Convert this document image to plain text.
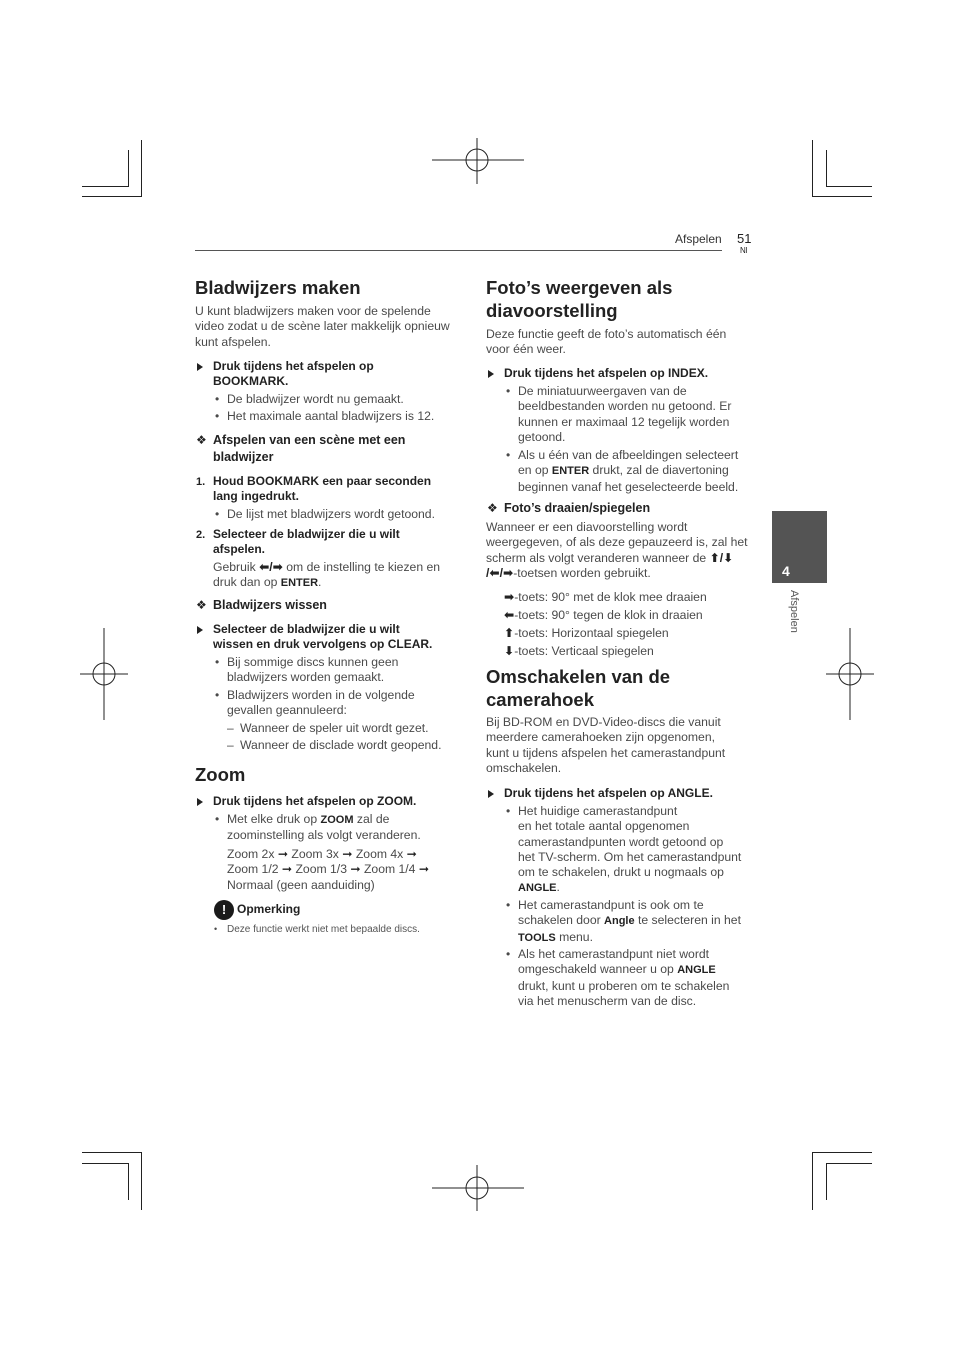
Afspelen 51
Nl
4
Afspelen
Bladwijzers maken
U kunt bladwijzers maken voor de spelende
video zodat u de scène later makkelijk opnieuw
kunt afspelen.
Druk tijdens het afspelen op
BOOKMARK.
• De bladwijzer wordt nu gemaakt.
• Het maximale aantal bladwijzers is 12.
❖ Afspelen van een scène met een
bladwijzer
1. Houd BOOKMARK een paar seconden
lang ingedrukt.
• De lijst met bladwijzers wordt getoond.
2. Selecteer de bladwijzer die u wilt
afspelen.
Gebruik ⬅/➡ om de instelling te kiezen en
druk dan op ENTER.
❖ Bladwijzers wissen
Selecteer de bladwijzer die u wilt
wissen en druk vervolgens op CLEAR.
• Bij sommige discs kunnen geen
bladwijzers worden gemaakt.
• Bladwijzers worden in de volgende
gevallen geannuleerd:
– Wanneer de speler uit wordt gezet.
– Wanneer de disclade wordt geopend.
Zoom
Druk tijdens het afspelen op ZOOM.
• Met elke druk op ZOOM zal de
zoominstelling als volgt veranderen.
Zoom 2x ➞ Zoom 3x ➞ Zoom 4x ➞
Zoom 1/2 ➞ Zoom 1/3 ➞ Zoom 1/4 ➞
Normaal (geen aanduiding)
! Opmerking
• Deze functie werkt niet met bepaalde discs.
Foto’s weergeven als
diavoorstelling
Deze functie geeft de foto’s automatisch één
voor één weer.
Druk tijdens het afspelen op INDEX.
• De miniatuurweergaven van de
beeldbestanden worden nu getoond. Er
kunnen er maximaal 12 tegelijk worden
getoond.
• Als u één van de afbeeldingen selecteert
en op ENTER drukt, zal de diavertoning
beginnen vanaf het geselecteerde beeld.
❖ Foto’s draaien/spiegelen
Wanneer er een diavoorstelling wordt
weergegeven, of als deze gepauzeerd is, zal het
scherm als volgt veranderen wanneer de ⬆/⬇
/⬅/➡-toetsen worden gebruikt.
➡-toets: 90° met de klok mee draaien
⬅-toets: 90° tegen de klok in draaien
⬆-toets: Horizontaal spiegelen
⬇-toets: Verticaal spiegelen
Omschakelen van de
camerahoek
Bij BD-ROM en DVD-Video-discs die vanuit
meerdere camerahoeken zijn opgenomen,
kunt u tijdens afspelen het camerastandpunt
omschakelen.
Druk tijdens het afspelen op ANGLE.
• Het huidige camerastandpunt
en het totale aantal opgenomen
camerastandpunten wordt getoond op
het TV-scherm. Om het camerastandpunt
om te schakelen, drukt u nogmaals op
ANGLE.
• Het camerastandpunt is ook om te
schakelen door Angle te selecteren in het
TOOLS menu.
• Als het camerastandpunt niet wordt
omgeschakeld wanneer u op ANGLE
drukt, kunt u proberen om te schakelen
via het menuscherm van de disc.
